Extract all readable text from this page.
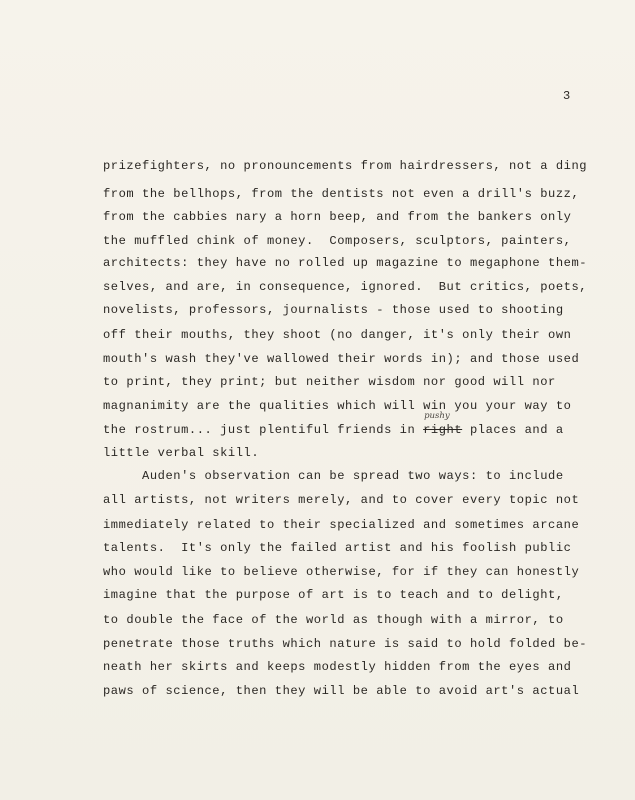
3
prizefighters, no pronouncements from hairdressers, not a ding
from the bellhops, from the dentists not even a drill's buzz,
from the cabbies nary a horn beep, and from the bankers only
the muffled chink of money.  Composers, sculptors, painters,
architects: they have no rolled up magazine to megaphone them-
selves, and are, in consequence, ignored.  But critics, poets,
novelists, professors, journalists - those used to shooting
off their mouths, they shoot (no danger, it's only their own
mouth's wash they've wallowed their words in); and those used
to print, they print; but neither wisdom nor good will nor
magnanimity are the qualities which will win you your way to
the rostrum... just plentiful friends in right
pushy
places and a
little verbal skill.
Auden's observation can be spread two ways: to include
all artists, not writers merely, and to cover every topic not
immediately related to their specialized and sometimes arcane
talents.  It's only the failed artist and his foolish public
who would like to believe otherwise, for if they can honestly
imagine that the purpose of art is to teach and to delight,
to double the face of the world as though with a mirror, to
penetrate those truths which nature is said to hold folded be-
neath her skirts and keeps modestly hidden from the eyes and
paws of science, then they will be able to avoid art's actual
